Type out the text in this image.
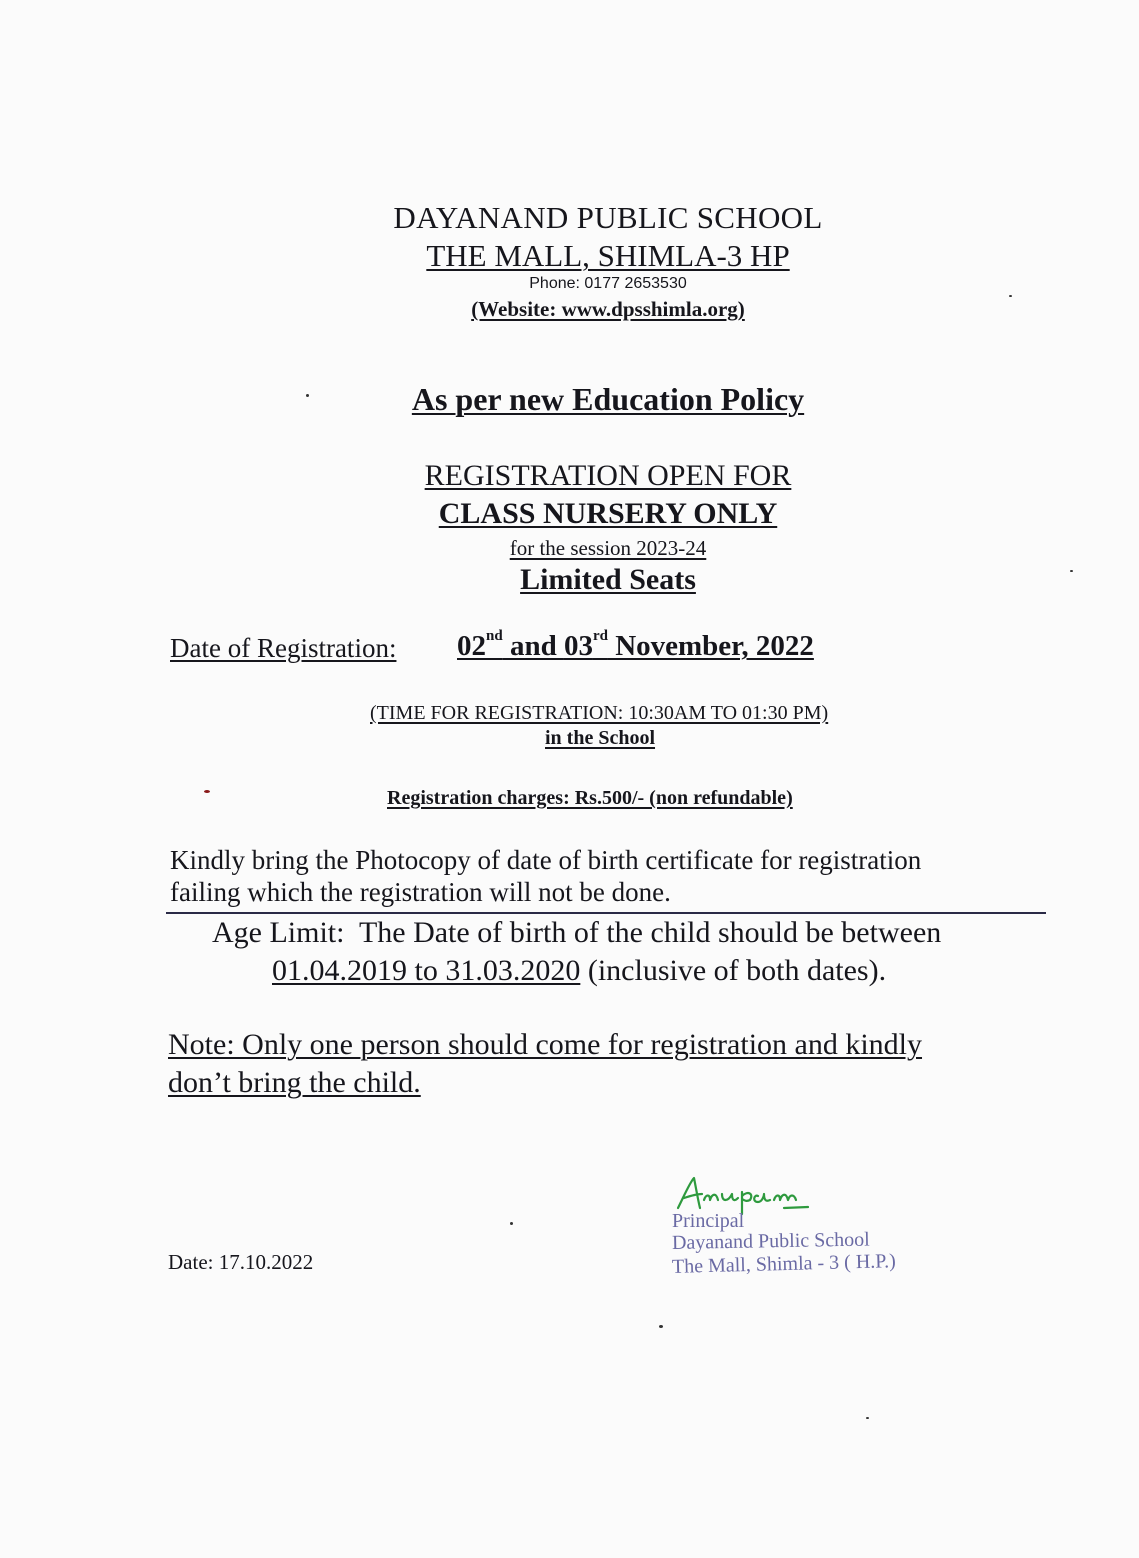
DAYANAND PUBLIC SCHOOL
THE MALL, SHIMLA-3 HP
Phone: 0177 2653530
(Website: www.dpsshimla.org)
As per new Education Policy
REGISTRATION OPEN FOR
CLASS NURSERY ONLY
for the session 2023-24
Limited Seats
Date of Registration: 02nd and 03rd November, 2022
(TIME FOR REGISTRATION: 10:30AM TO 01:30 PM)
in the School
Registration charges: Rs.500/- (non refundable)
Kindly bring the Photocopy of date of birth certificate for registration
failing which the registration will not be done.
Age Limit:  The Date of birth of the child should be between
01.04.2019 to 31.03.2020 (inclusive of both dates).
Note: Only one person should come for registration and kindly
don’t bring the child.
Date: 17.10.2022
Principal
Dayanand Public School
The Mall, Shimla - 3 ( H.P.)
